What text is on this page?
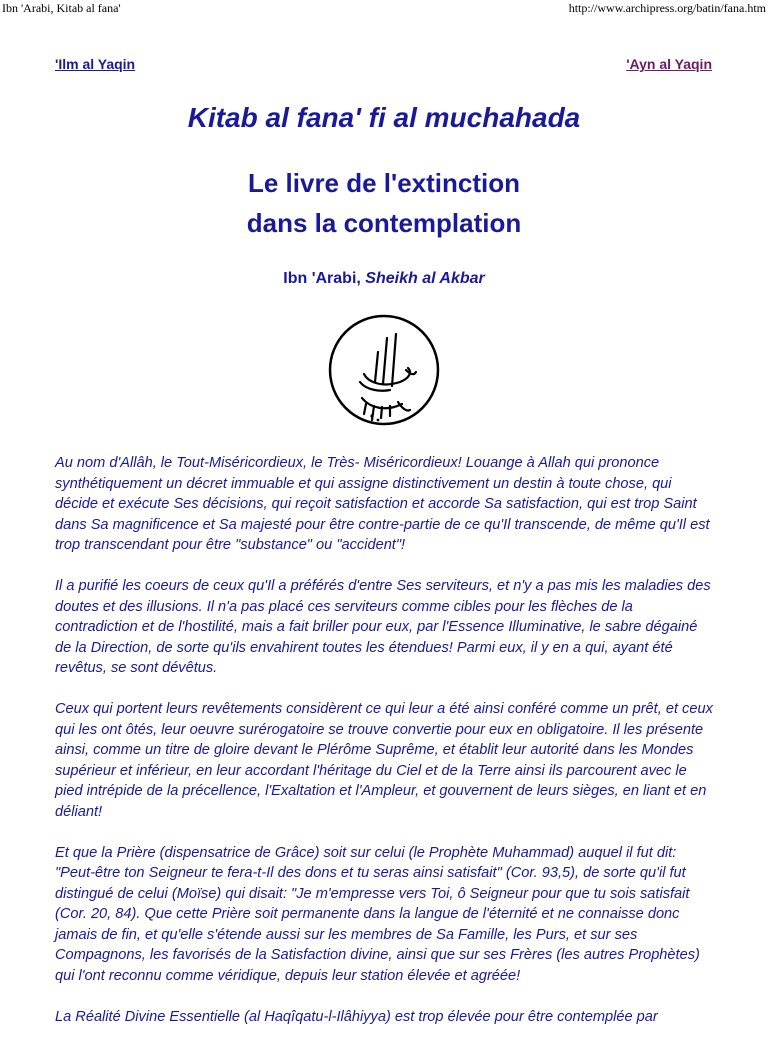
Ibn 'Arabi, Kitab al fana'	http://www.archipress.org/batin/fana.htm
'Ilm al Yaqin	'Ayn al Yaqin
Kitab al fana' fi al muchahada
Le livre de l'extinction
dans la contemplation
Ibn 'Arabi, Sheikh al Akbar

Au nom d'Allâh, le Tout-Miséricordieux, le Très- Miséricordieux! Louange à Allah qui prononce synthétiquement un décret immuable et qui assigne distinctivement un destin à toute chose, qui décide et exécute Ses décisions, qui reçoit satisfaction et accorde Sa satisfaction, qui est trop Saint dans Sa magnificence et Sa majesté pour être contre-partie de ce qu'Il transcende, de même qu'Il est trop transcendant pour être "substance" ou "accident"!

Il a purifié les coeurs de ceux qu'Il a préférés d'entre Ses serviteurs, et n'y a pas mis les maladies des doutes et des illusions. Il n'a pas placé ces serviteurs comme cibles pour les flèches de la contradiction et de l'hostilité, mais a fait briller pour eux, par l'Essence Illuminative, le sabre dégainé de la Direction, de sorte qu'ils envahirent toutes les étendues! Parmi eux, il y en a qui, ayant été revêtus, se sont dévêtus.

Ceux qui portent leurs revêtements considèrent ce qui leur a été ainsi conféré comme un prêt, et ceux qui les ont ôtés, leur oeuvre surérogatoire se trouve convertie pour eux en obligatoire. Il les présente ainsi, comme un titre de gloire devant le Plérôme Suprême, et établit leur autorité dans les Mondes supérieur et inférieur, en leur accordant l'héritage du Ciel et de la Terre ainsi ils parcourent avec le pied intrépide de la précellence, l'Exaltation et l'Ampleur, et gouvernent de leurs sièges, en liant et en déliant!

Et que la Prière (dispensatrice de Grâce) soit sur celui (le Prophète Muhammad) auquel il fut dit: "Peut-être ton Seigneur te fera-t-Il des dons et tu seras ainsi satisfait" (Cor. 93,5), de sorte qu'il fut distingué de celui (Moïse) qui disait: "Je m'empresse vers Toi, ô Seigneur pour que tu sois satisfait (Cor. 20, 84). Que cette Prière soit permanente dans la langue de l'éternité et ne connaisse donc jamais de fin, et qu'elle s'étende aussi sur les membres de Sa Famille, les Purs, et sur ses Compagnons, les favorisés de la Satisfaction divine, ainsi que sur ses Frères (les autres Prophètes) qui l'ont reconnu comme véridique, depuis leur station élevée et agréée!

La Réalité Divine Essentielle (al Haqîqatu-l-Ilâhiyya) est trop élevée pour être contemplée par
